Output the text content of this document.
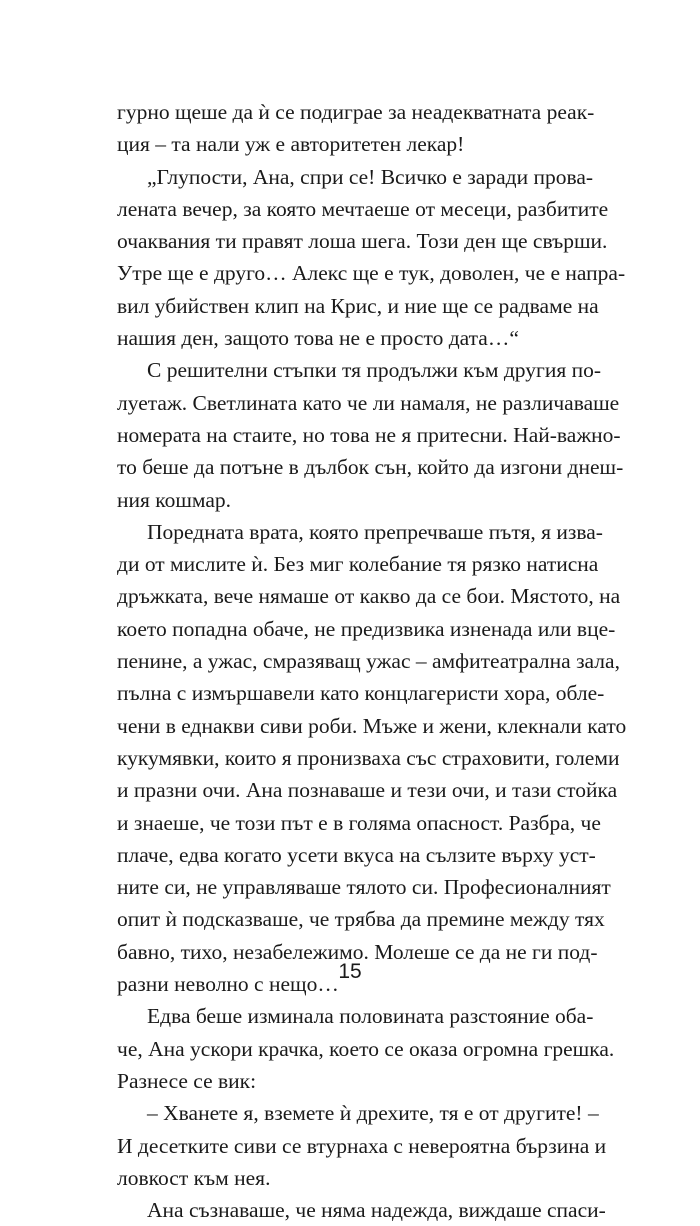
гурно щеше да ѝ се подиграе за неадекватната реак-
ция – та нали уж е авторитетен лекар!
„Глупости, Ана, спри се! Всичко е заради прова-
лената вечер, за която мечтаеше от месеци, разбитите
очаквания ти правят лоша шега. Този ден ще свърши.
Утре ще е друго… Алекс ще е тук, доволен, че е напра-
вил убийствен клип на Крис, и ние ще се радваме на
нашия ден, защото това не е просто дата…“
С решителни стъпки тя продължи към другия по-
луетаж. Светлината като че ли намаля, не различаваше
номерата на стаите, но това не я притесни. Най-важно-
то беше да потъне в дълбок сън, който да изгони днеш-
ния кошмар.
Поредната врата, която препречваше пътя, я изва-
ди от мислите ѝ. Без миг колебание тя рязко натисна
дръжката, вече нямаше от какво да се бои. Мястото, на
което попадна обаче, не предизвика изненада или вце-
пенине, а ужас, смразяващ ужас – амфитеатрална зала,
пълна с измършавели като концлагеристи хора, обле-
чени в еднакви сиви роби. Мъже и жени, клекнали като
кукумявки, които я пронизваха със страховити, големи
и празни очи. Ана познаваше и тези очи, и тази стойка
и знаеше, че този път е в голяма опасност. Разбра, че
плаче, едва когато усети вкуса на сълзите върху уст-
ните си, не управляваше тялото си. Професионалният
опит ѝ подсказваше, че трябва да премине между тях
бавно, тихо, незабележимо. Молеше се да не ги под-
разни неволно с нещо…
Едва беше изминала половината разстояние оба-
че, Ана ускори крачка, което се оказа огромна грешка.
Разнесе се вик:
– Хванете я, вземете ѝ дрехите, тя е от другите! –
И десетките сиви се втурнаха с невероятна бързина и
ловкост към нея.
Ана съзнаваше, че няма надежда, виждаше спаси-
15
